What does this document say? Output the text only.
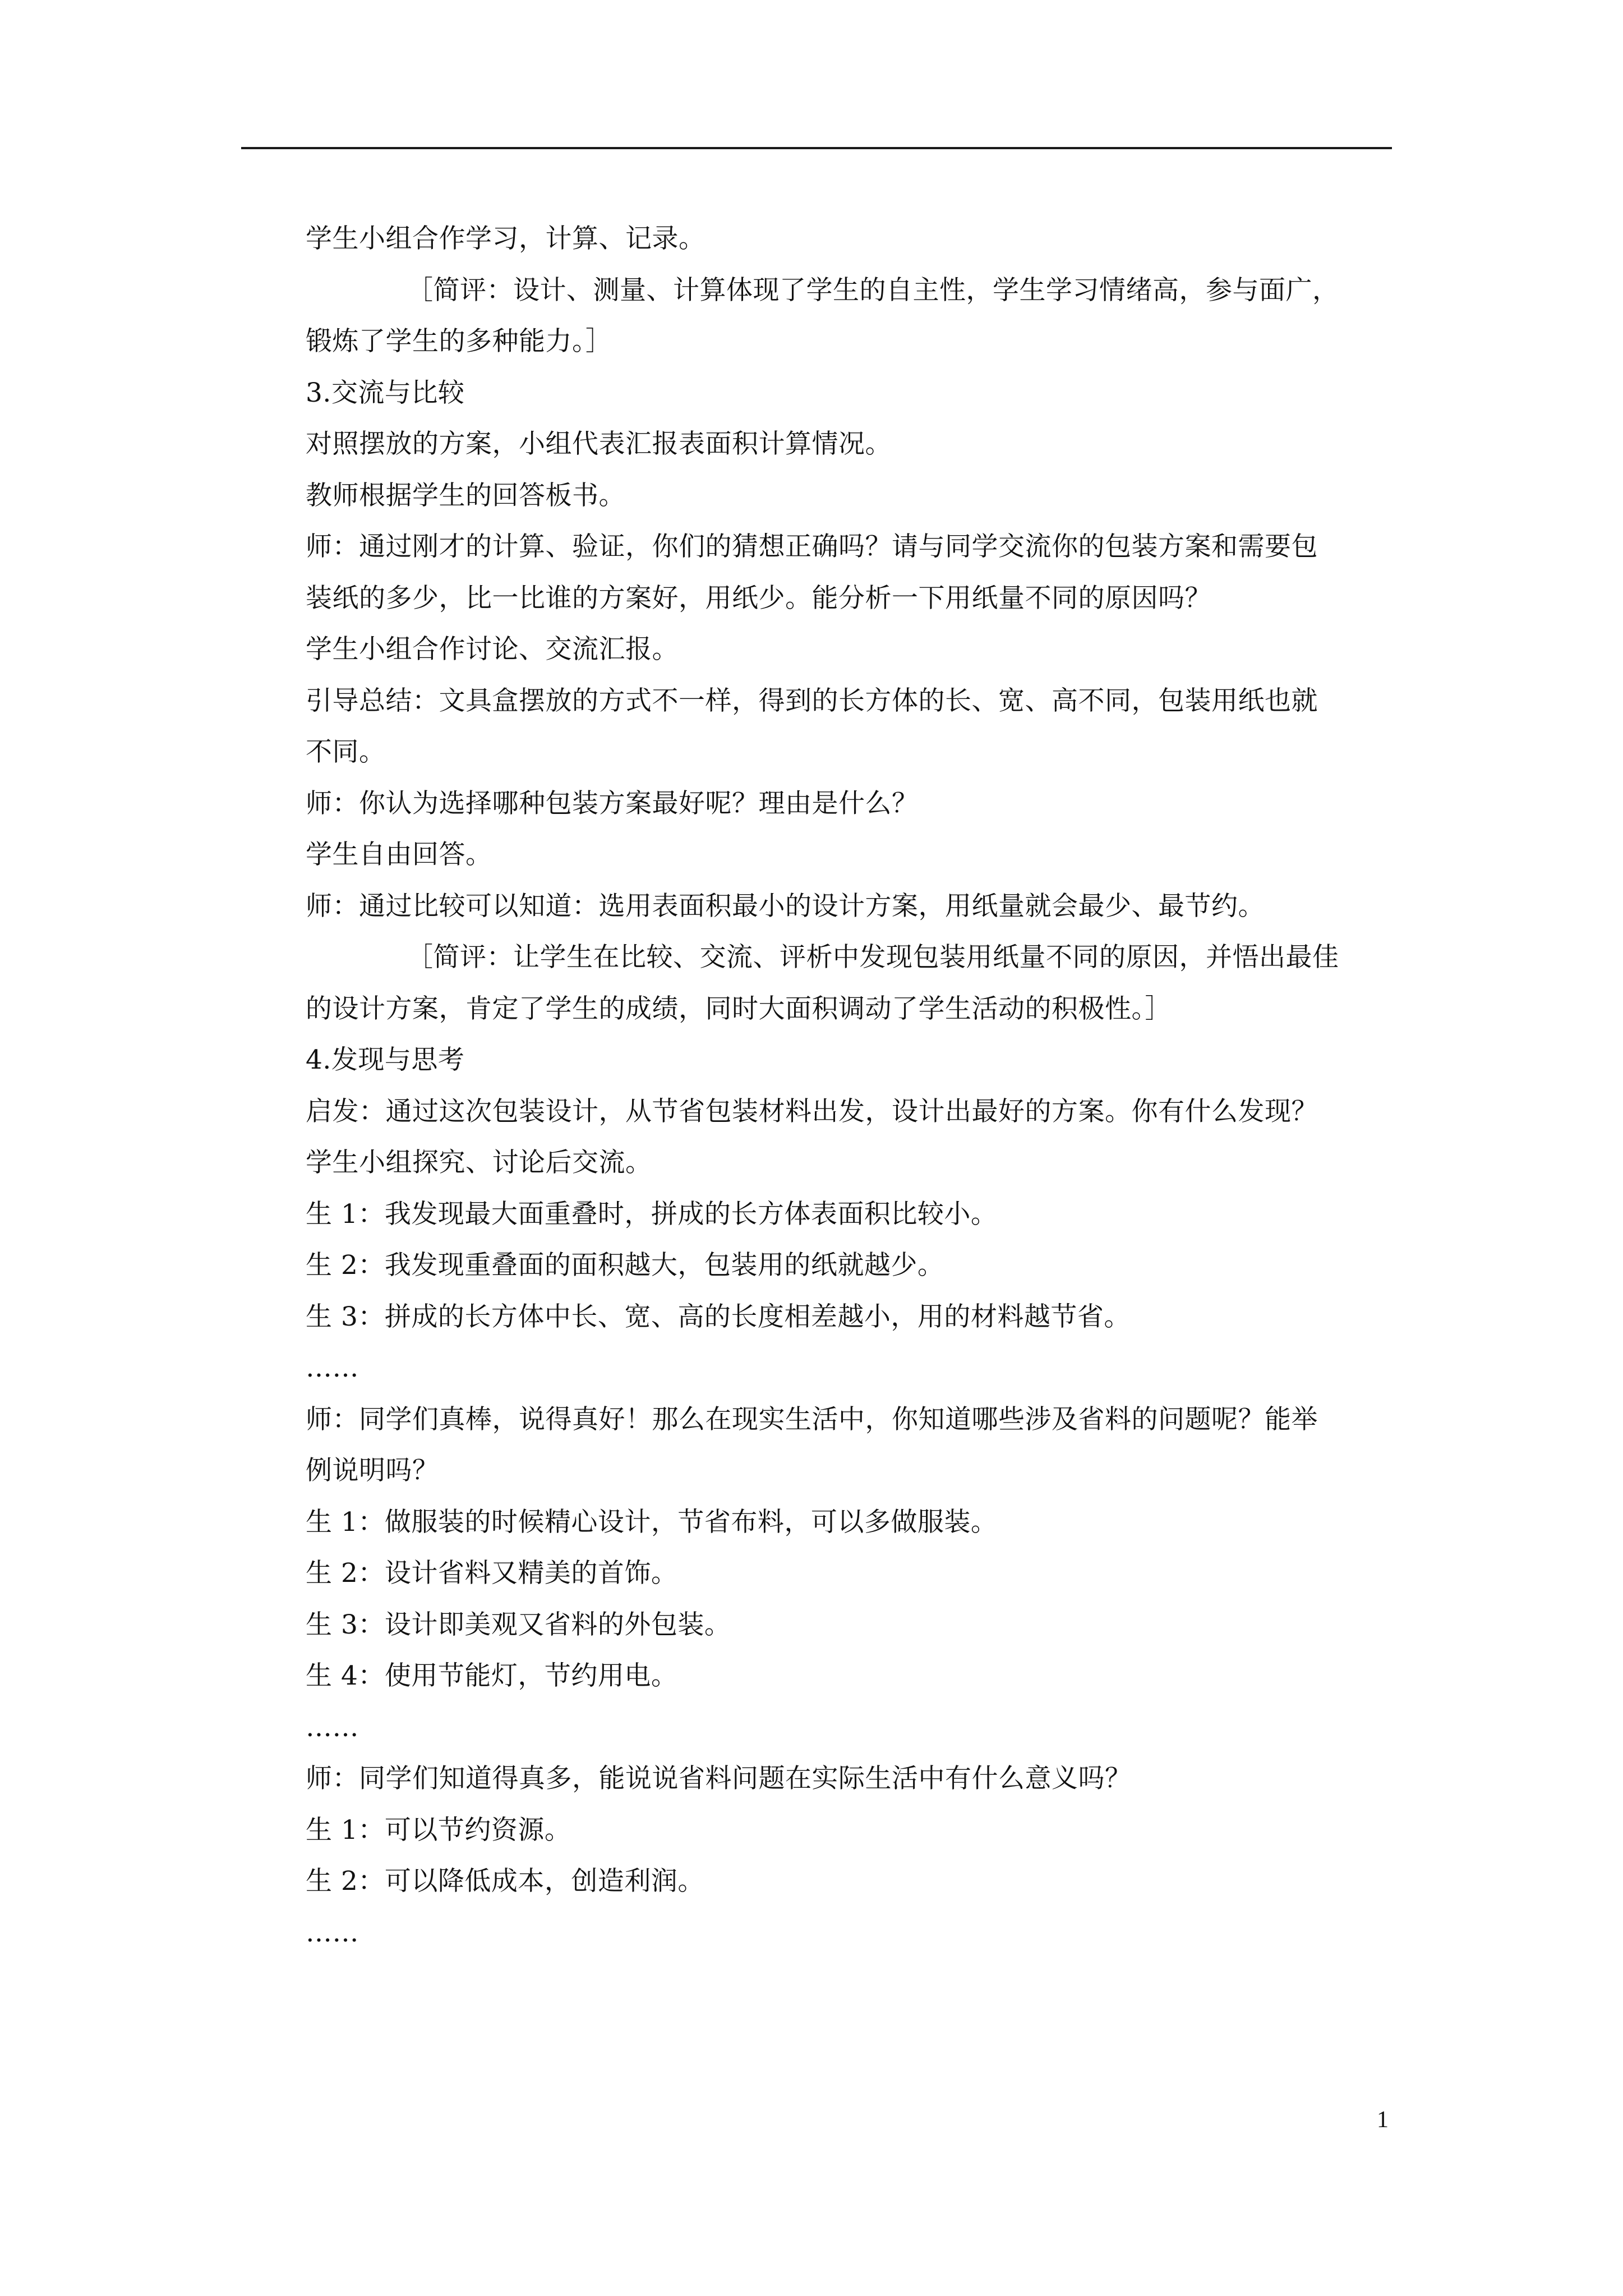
学生小组合作学习，计算、记录。
［简评：设计、测量、计算体现了学生的自主性，学生学习情绪高，参与面广，
锻炼了学生的多种能力。］
3.交流与比较
对照摆放的方案，小组代表汇报表面积计算情况。
教师根据学生的回答板书。
师：通过刚才的计算、验证，你们的猜想正确吗？请与同学交流你的包装方案和需要包
装纸的多少，比一比谁的方案好，用纸少。能分析一下用纸量不同的原因吗？
学生小组合作讨论、交流汇报。
引导总结：文具盒摆放的方式不一样，得到的长方体的长、宽、高不同，包装用纸也就
不同。
师：你认为选择哪种包装方案最好呢？理由是什么？
学生自由回答。
师：通过比较可以知道：选用表面积最小的设计方案，用纸量就会最少、最节约。
［简评：让学生在比较、交流、评析中发现包装用纸量不同的原因，并悟出最佳
的设计方案，肯定了学生的成绩，同时大面积调动了学生活动的积极性。］
4.发现与思考
启发：通过这次包装设计，从节省包装材料出发，设计出最好的方案。你有什么发现？
学生小组探究、讨论后交流。
生 1：我发现最大面重叠时，拼成的长方体表面积比较小。
生 2：我发现重叠面的面积越大，包装用的纸就越少。
生 3：拼成的长方体中长、宽、高的长度相差越小，用的材料越节省。
……
师：同学们真棒，说得真好！那么在现实生活中，你知道哪些涉及省料的问题呢？能举
例说明吗？
生 1：做服装的时候精心设计，节省布料，可以多做服装。
生 2：设计省料又精美的首饰。
生 3：设计即美观又省料的外包装。
生 4：使用节能灯，节约用电。
……
师：同学们知道得真多，能说说省料问题在实际生活中有什么意义吗？
生 1：可以节约资源。
生 2：可以降低成本，创造利润。
……
1
